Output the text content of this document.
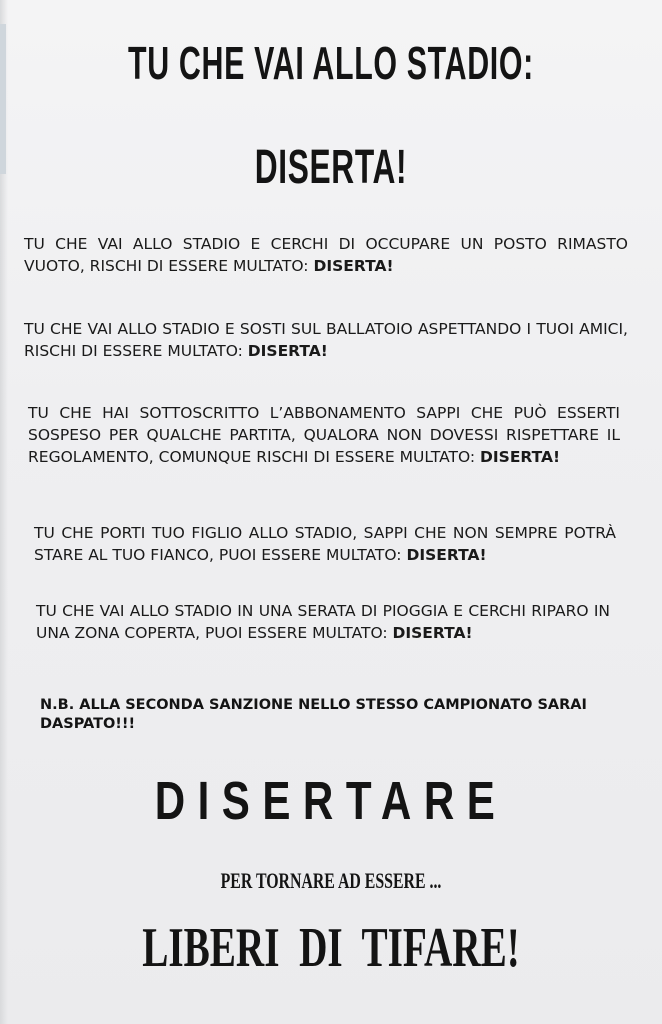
TU CHE VAI ALLO STADIO:
DISERTA!

TU CHE VAI ALLO STADIO E CERCHI DI OCCUPARE UN POSTO RIMASTO VUOTO, RISCHI DI ESSERE MULTATO: DISERTA!

TU CHE VAI ALLO STADIO E SOSTI SUL BALLATOIO ASPETTANDO I TUOI AMICI, RISCHI DI ESSERE MULTATO: DISERTA!

TU CHE HAI SOTTOSCRITTO L’ABBONAMENTO SAPPI CHE PUÒ ESSERTI SOSPESO PER QUALCHE PARTITA, QUALORA NON DOVESSI RISPETTARE IL REGOLAMENTO, COMUNQUE RISCHI DI ESSERE MULTATO: DISERTA!

TU CHE PORTI TUO FIGLIO ALLO STADIO, SAPPI CHE NON SEMPRE POTRÀ STARE AL TUO FIANCO, PUOI ESSERE MULTATO: DISERTA!

TU CHE VAI ALLO STADIO IN UNA SERATA DI PIOGGIA E CERCHI RIPARO IN UNA ZONA COPERTA, PUOI ESSERE MULTATO: DISERTA!

N.B. ALLA SECONDA SANZIONE NELLO STESSO CAMPIONATO SARAI DASPATO!!!

DISERTARE
PER TORNARE AD ESSERE ...
LIBERI DI TIFARE!
